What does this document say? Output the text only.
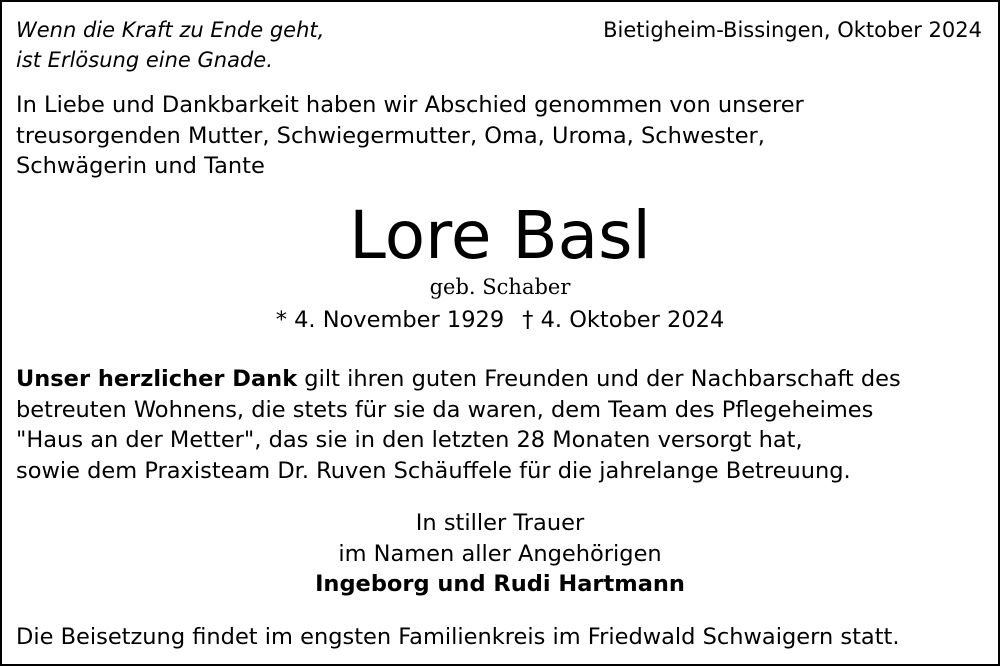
Wenn die Kraft zu Ende geht,
ist Erlösung eine Gnade.
Bietigheim-Bissingen, Oktober 2024
In Liebe und Dankbarkeit haben wir Abschied genommen von unserer
treusorgenden Mutter, Schwiegermutter, Oma, Uroma, Schwester,
Schwägerin und Tante
Lore Basl
geb. Schaber
* 4. November 1929 † 4. Oktober 2024
Unser herzlicher Dank gilt ihren guten Freunden und der Nachbarschaft des
betreuten Wohnens, die stets für sie da waren, dem Team des Pflegeheimes
"Haus an der Metter", das sie in den letzten 28 Monaten versorgt hat,
sowie dem Praxisteam Dr. Ruven Schäuffele für die jahrelange Betreuung.
In stiller Trauer
im Namen aller Angehörigen
Ingeborg und Rudi Hartmann
Die Beisetzung findet im engsten Familienkreis im Friedwald Schwaigern statt.
